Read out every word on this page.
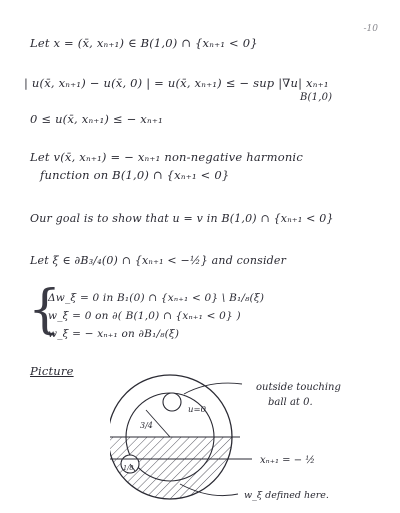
-10
Let x = (x̄, xₙ₊₁) ∈ B(1,0) ∩ {xₙ₊₁ < 0}
| u(x̄, xₙ₊₁) − u(x̄, 0) | = u(x̄, xₙ₊₁) ≤ − sup |∇u| xₙ₊₁
B(1,0)
0 ≤ u(x̄, xₙ₊₁) ≤ − xₙ₊₁
Let v(x̄, xₙ₊₁) = − xₙ₊₁ non-negative harmonic
function on B(1,0) ∩ {xₙ₊₁ < 0}
Our goal is to show that u = v in B(1,0) ∩ {xₙ₊₁ < 0}
Let ξ ∈ ∂B₃/₄(0) ∩ {xₙ₊₁ < −½} and consider
{
Δw_ξ = 0 in B₁(0) ∩ {xₙ₊₁ < 0} \ B₁/₈(ξ)
w_ξ = 0 on ∂( B(1,0) ∩ {xₙ₊₁ < 0} )
w_ξ = − xₙ₊₁ on ∂B₁/₈(ξ)
Picture
3/4
u=0
1/8
outside touching
ball at 0.
xₙ₊₁ = − ½
w_ξ defined here.
